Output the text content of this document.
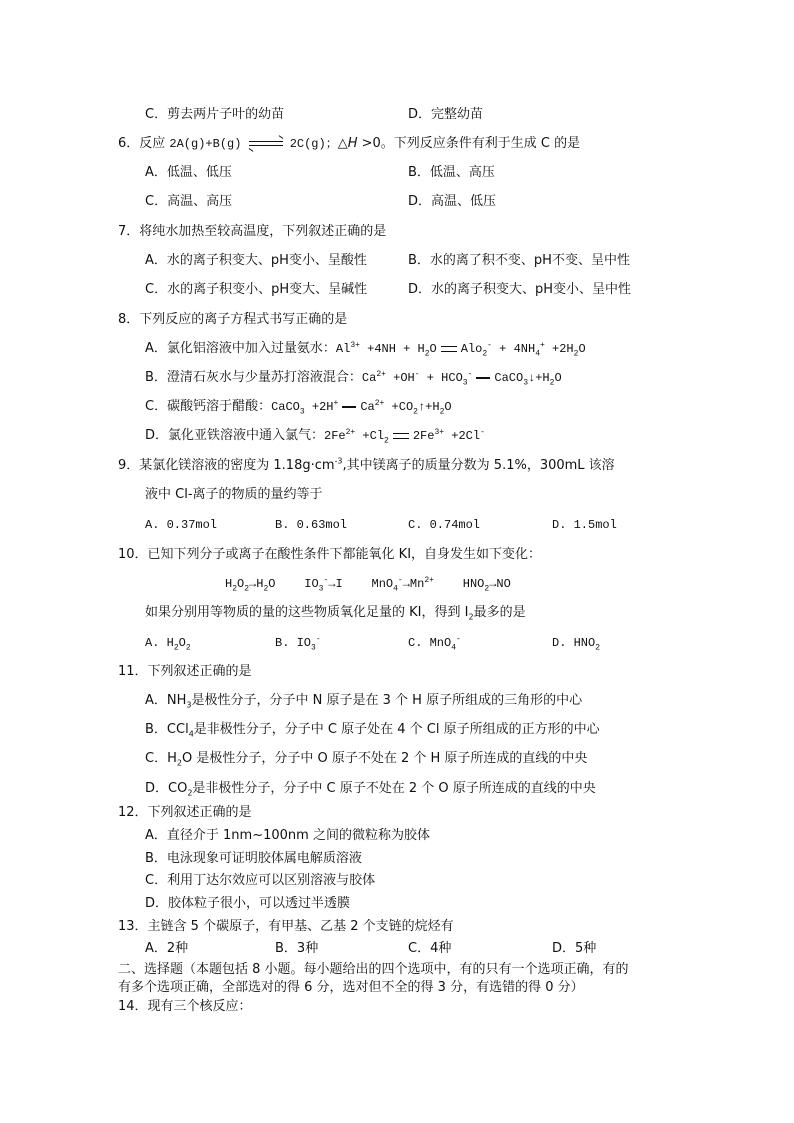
C．剪去两片子叶的幼苗	D．完整幼苗
6．反应 2A(g)+B(g)	2C(g)；△H >0。下列反应条件有利于生成 C 的是
A．低温、低压	B．低温、高压
C．高温、高压	D．高温、低压
7．将纯水加热至较高温度，下列叙述正确的是
A．水的离子积变大、pH变小、呈酸性	B．水的离了积不变、pH不变、呈中性
C．水的离子积变小、pH变大、呈碱性	D．水的离子积变大、pH变小、呈中性
8．下列反应的离子方程式书写正确的是
A．氯化铝溶液中加入过量氨水：$Al^{3+} +4NH + H_2O$ $Alo_2^- + 4NH_4^+ +2H_2O$
B．澄清石灰水与少量苏打溶液混合：$Ca^{2+} +OH^- + HCO_3^-$ $CaCO_3↓+H_2O$
C．碳酸钙溶于醋酸：CaCO$_3$ +2H+ $Ca^{2+}$ $+CO_2↑+H_2O$
D．氯化亚铁溶液中通入氯气：$2Fe^{2+} +Cl_2$ $2Fe^{3+} +2Cl^-$
9．某氯化镁溶液的密度为 $1.18g\cdot cm^{-3}$,其中镁离子的质量分数为 5.1%，300mL 该溶
液中 Cl-离子的物质的量约等于
A. 0.37mol	B. 0.63mol	C. 0.74mol	D. 1.5mol
10．已知下列分子或离子在酸性条件下都能氧化 KI，自身发生如下变化：
$H_2O_2\to H_2O$    $IO_3^-\to I$    $MnO_4^-\to Mn^{2+}$    $HNO_2\to NO$
如果分别用等物质的量的这些物质氧化足量的 KI，得到 $I_2$最多的是
A. $H_2O_2$	B. $IO_3^-$	C. MnO$_4$-	D. $HNO_2$
11．下列叙述正确的是
A．$NH_3$是极性分子，分子中 N 原子是在 3 个 H 原子所组成的三角形的中心
B．CCl$_4$是非极性分子，分子中 C 原子处在 4 个 Cl 原子所组成的正方形的中心
C．$H_2O$ 是极性分子，分子中 O 原子不处在 2 个 H 原子所连成的直线的中央
D．$CO_2$是非极性分子，分子中 C 原子不处在 2 个 O 原子所连成的直线的中央
12．下列叙述正确的是
A．直径介于 1nm~100nm 之间的微粒称为胶体
B．电泳现象可证明胶体属电解质溶液
C．利用丁达尔效应可以区别溶液与胶体
D．胶体粒子很小，可以透过半透膜
13．主链含 5 个碳原子，有甲基、乙基 2 个支链的烷烃有
A．2种	B．3种	C．4种	D．5种
二、选择题（本题包括 8 小题。每小题给出的四个选项中，有的只有一个选项正确，有的
有多个选项正确，全部选对的得 6 分，选对但不全的得 3 分，有选错的得 0 分）
14．现有三个核反应：
